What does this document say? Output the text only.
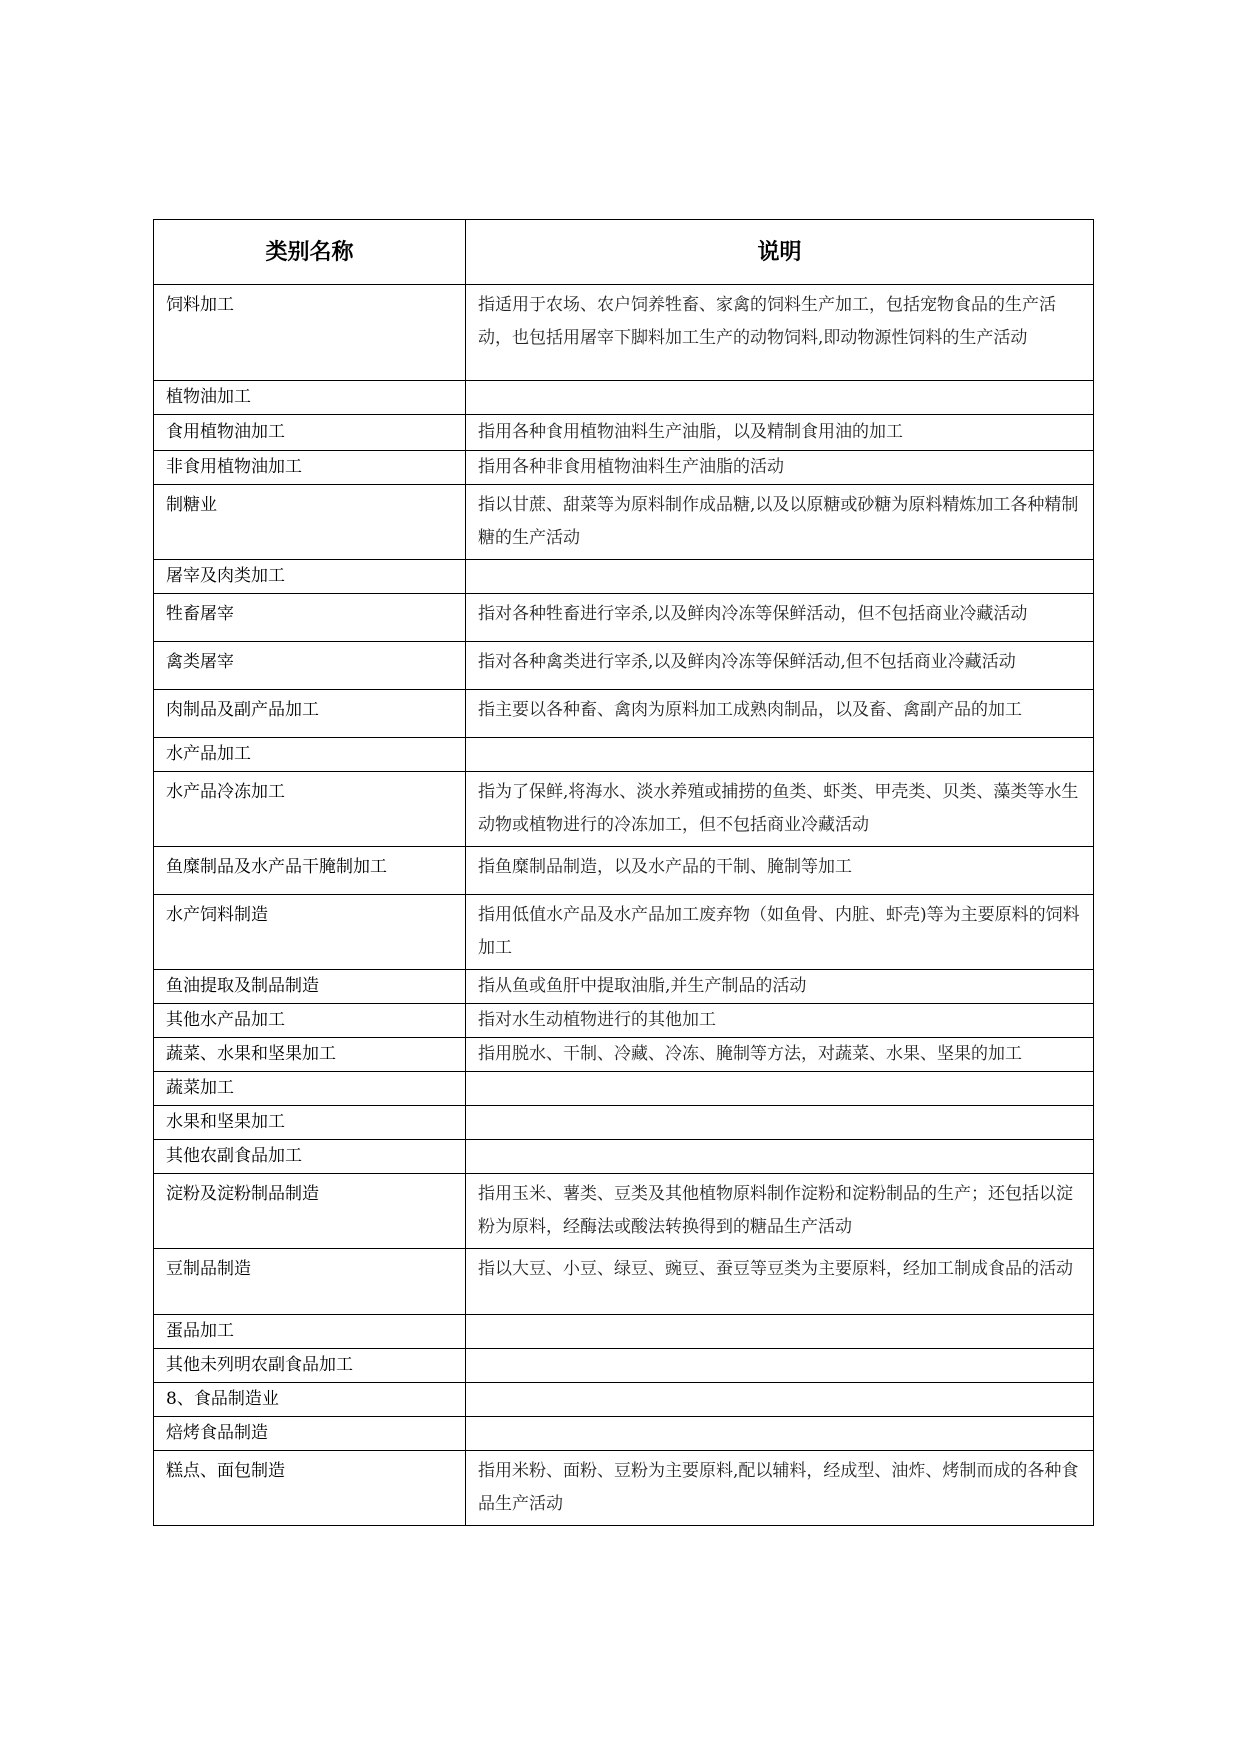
类别名称	说明
饲料加工	指适用于农场、农户饲养牲畜、家禽的饲料生产加工，包括宠物食品的生产活动，也包括用屠宰下脚料加工生产的动物饲料,即动物源性饲料的生产活动
植物油加工	
食用植物油加工	指用各种食用植物油料生产油脂，以及精制食用油的加工
非食用植物油加工	指用各种非食用植物油料生产油脂的活动
制糖业	指以甘蔗、甜菜等为原料制作成品糖,以及以原糖或砂糖为原料精炼加工各种精制糖的生产活动
屠宰及肉类加工	
牲畜屠宰	指对各种牲畜进行宰杀,以及鲜肉冷冻等保鲜活动，但不包括商业冷藏活动
禽类屠宰	指对各种禽类进行宰杀,以及鲜肉冷冻等保鲜活动,但不包括商业冷藏活动
肉制品及副产品加工	指主要以各种畜、禽肉为原料加工成熟肉制品，以及畜、禽副产品的加工
水产品加工	
水产品冷冻加工	指为了保鲜,将海水、淡水养殖或捕捞的鱼类、虾类、甲壳类、贝类、藻类等水生动物或植物进行的冷冻加工，但不包括商业冷藏活动
鱼糜制品及水产品干腌制加工	指鱼糜制品制造，以及水产品的干制、腌制等加工
水产饲料制造	指用低值水产品及水产品加工废弃物（如鱼骨、内脏、虾壳)等为主要原料的饲料加工
鱼油提取及制品制造	指从鱼或鱼肝中提取油脂,并生产制品的活动
其他水产品加工	指对水生动植物进行的其他加工
蔬菜、水果和坚果加工	指用脱水、干制、冷藏、冷冻、腌制等方法，对蔬菜、水果、坚果的加工
蔬菜加工	
水果和坚果加工	
其他农副食品加工	
淀粉及淀粉制品制造	指用玉米、薯类、豆类及其他植物原料制作淀粉和淀粉制品的生产；还包括以淀粉为原料，经酶法或酸法转换得到的糖品生产活动
豆制品制造	指以大豆、小豆、绿豆、豌豆、蚕豆等豆类为主要原料，经加工制成食品的活动
蛋品加工	
其他未列明农副食品加工	
8、食品制造业	
焙烤食品制造	
糕点、面包制造	指用米粉、面粉、豆粉为主要原料,配以辅料，经成型、油炸、烤制而成的各种食品生产活动
